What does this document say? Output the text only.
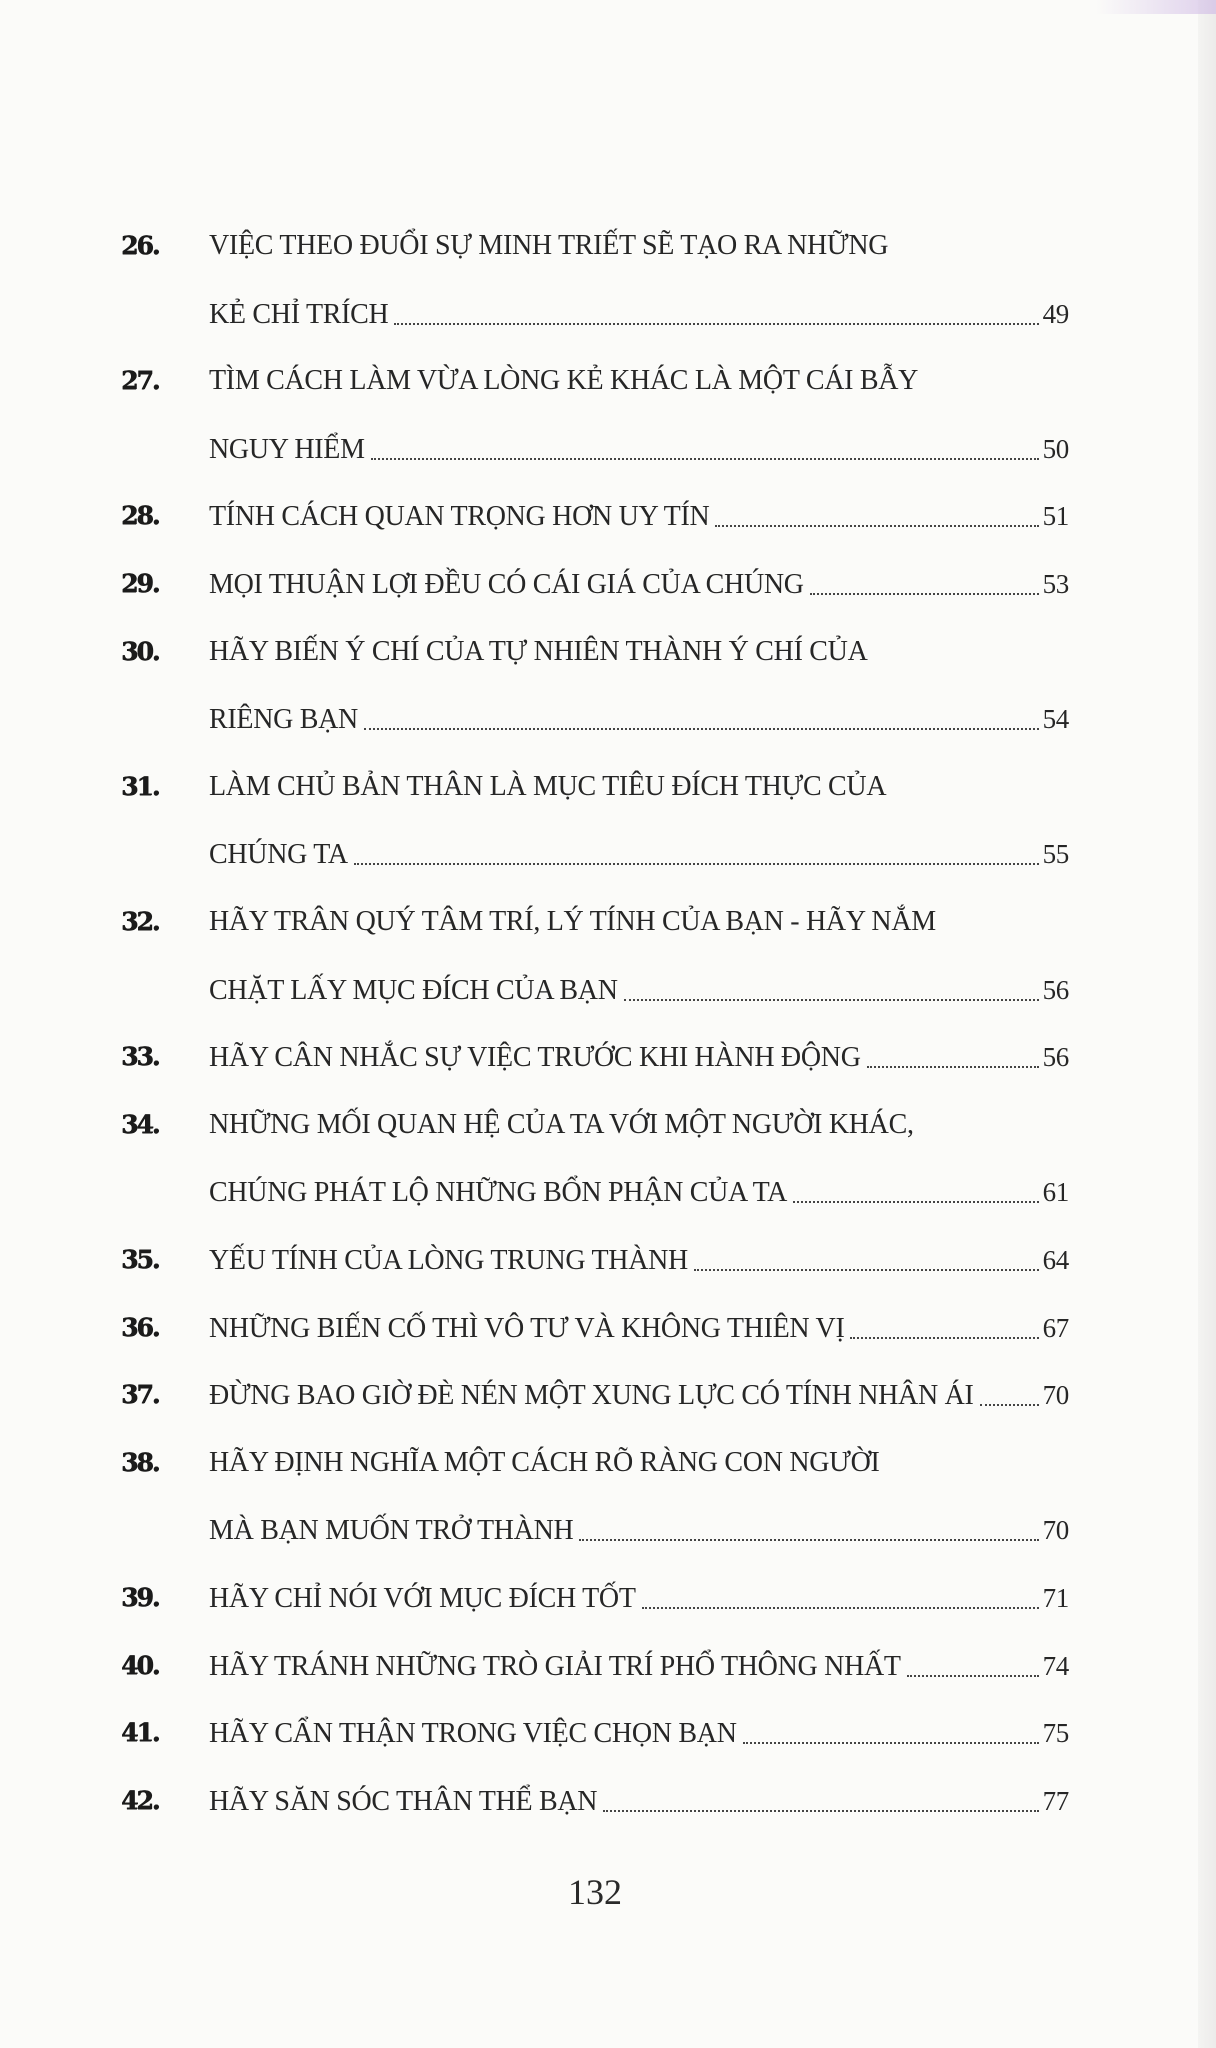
26.	VIỆC THEO ĐUỔI SỰ MINH TRIẾT SẼ TẠO RA NHỮNG
KẺ CHỈ TRÍCH	49
27.	TÌM CÁCH LÀM VỪA LÒNG KẺ KHÁC LÀ MỘT CÁI BẪY
NGUY HIỂM	50
28.	TÍNH CÁCH QUAN TRỌNG HƠN UY TÍN	51
29.	MỌI THUẬN LỢI ĐỀU CÓ CÁI GIÁ CỦA CHÚNG	53
30.	HÃY BIẾN Ý CHÍ CỦA TỰ NHIÊN THÀNH Ý CHÍ CỦA
RIÊNG BẠN	54
31.	LÀM CHỦ BẢN THÂN LÀ MỤC TIÊU ĐÍCH THỰC CỦA
CHÚNG TA	55
32.	HÃY TRÂN QUÝ TÂM TRÍ, LÝ TÍNH CỦA BẠN - HÃY NẮM
CHẶT LẤY MỤC ĐÍCH CỦA BẠN	56
33.	HÃY CÂN NHẮC SỰ VIỆC TRƯỚC KHI HÀNH ĐỘNG	56
34.	NHỮNG MỐI QUAN HỆ CỦA TA VỚI MỘT NGƯỜI KHÁC,
CHÚNG PHÁT LỘ NHỮNG BỔN PHẬN CỦA TA	61
35.	YẾU TÍNH CỦA LÒNG TRUNG THÀNH	64
36.	NHỮNG BIẾN CỐ THÌ VÔ TƯ VÀ KHÔNG THIÊN VỊ	67
37.	ĐỪNG BAO GIỜ ĐÈ NÉN MỘT XUNG LỰC CÓ TÍNH NHÂN ÁI	70
38.	HÃY ĐỊNH NGHĨA MỘT CÁCH RÕ RÀNG CON NGƯỜI
MÀ BẠN MUỐN TRỞ THÀNH	70
39.	HÃY CHỈ NÓI VỚI MỤC ĐÍCH TỐT	71
40.	HÃY TRÁNH NHỮNG TRÒ GIẢI TRÍ PHỔ THÔNG NHẤT	74
41.	HÃY CẨN THẬN TRONG VIỆC CHỌN BẠN	75
42.	HÃY SĂN SÓC THÂN THỂ BẠN	77
132
